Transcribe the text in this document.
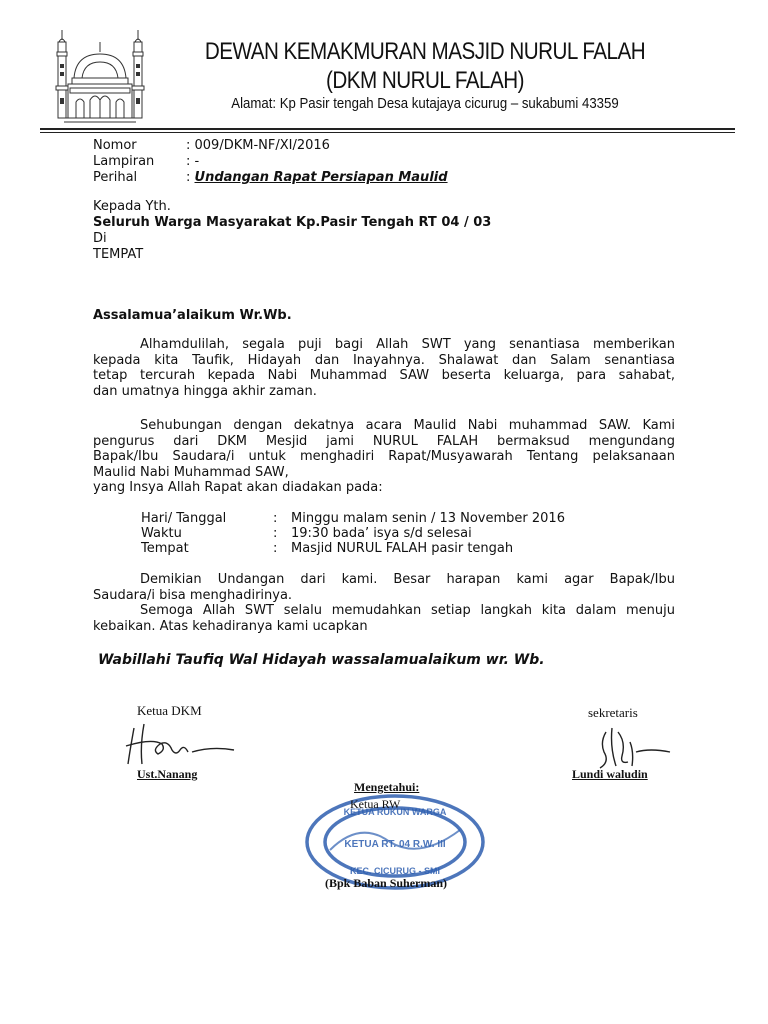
DEWAN KEMAKMURAN MASJID NURUL FALAH
(DKM NURUL FALAH)
Alamat: Kp Pasir tengah Desa kutajaya cicurug – sukabumi 43359
Nomor	: 009/DKM-NF/XI/2016
Lampiran : -
Perihal	: Undangan Rapat Persiapan Maulid
Kepada Yth.
Seluruh Warga Masyarakat Kp.Pasir Tengah RT 04 / 03
Di
TEMPAT
Assalamua’alaikum Wr.Wb.
Alhamdulilah, segala puji bagi Allah SWT yang senantiasa memberikan
kepada kita Taufik, Hidayah dan Inayahnya. Shalawat dan Salam senantiasa
tetap tercurah kepada Nabi Muhammad SAW beserta keluarga, para sahabat,
dan umatnya hingga akhir zaman.
Sehubungan dengan dekatnya acara Maulid Nabi muhammad SAW. Kami
pengurus dari DKM Mesjid jami NURUL FALAH bermaksud mengundang
Bapak/Ibu Saudara/i untuk menghadiri Rapat/Musyawarah Tentang pelaksanaan
Maulid Nabi Muhammad SAW,
yang Insya Allah Rapat akan diadakan pada:
Hari/ Tanggal	: Minggu malam senin / 13 November 2016
Waktu	: 19:30 bada’ isya s/d selesai
Tempat	: Masjid NURUL FALAH pasir tengah
Demikian Undangan dari kami. Besar harapan kami agar Bapak/Ibu
Saudara/i bisa menghadirinya.
Semoga Allah SWT selalu memudahkan setiap langkah kita dalam menuju
kebaikan. Atas kehadiranya kami ucapkan
Wabillahi Taufiq Wal Hidayah wassalamualaikum wr. Wb.
Ketua DKM
Ust.Nanang
sekretaris
Lundi waludin
Mengetahui:
KETUA RUKUN WARGA
KETUA RT. 04 R.W. III
KEC. CICURUG - SMI
Ketua RW
(Bpk Baban Suherman)
